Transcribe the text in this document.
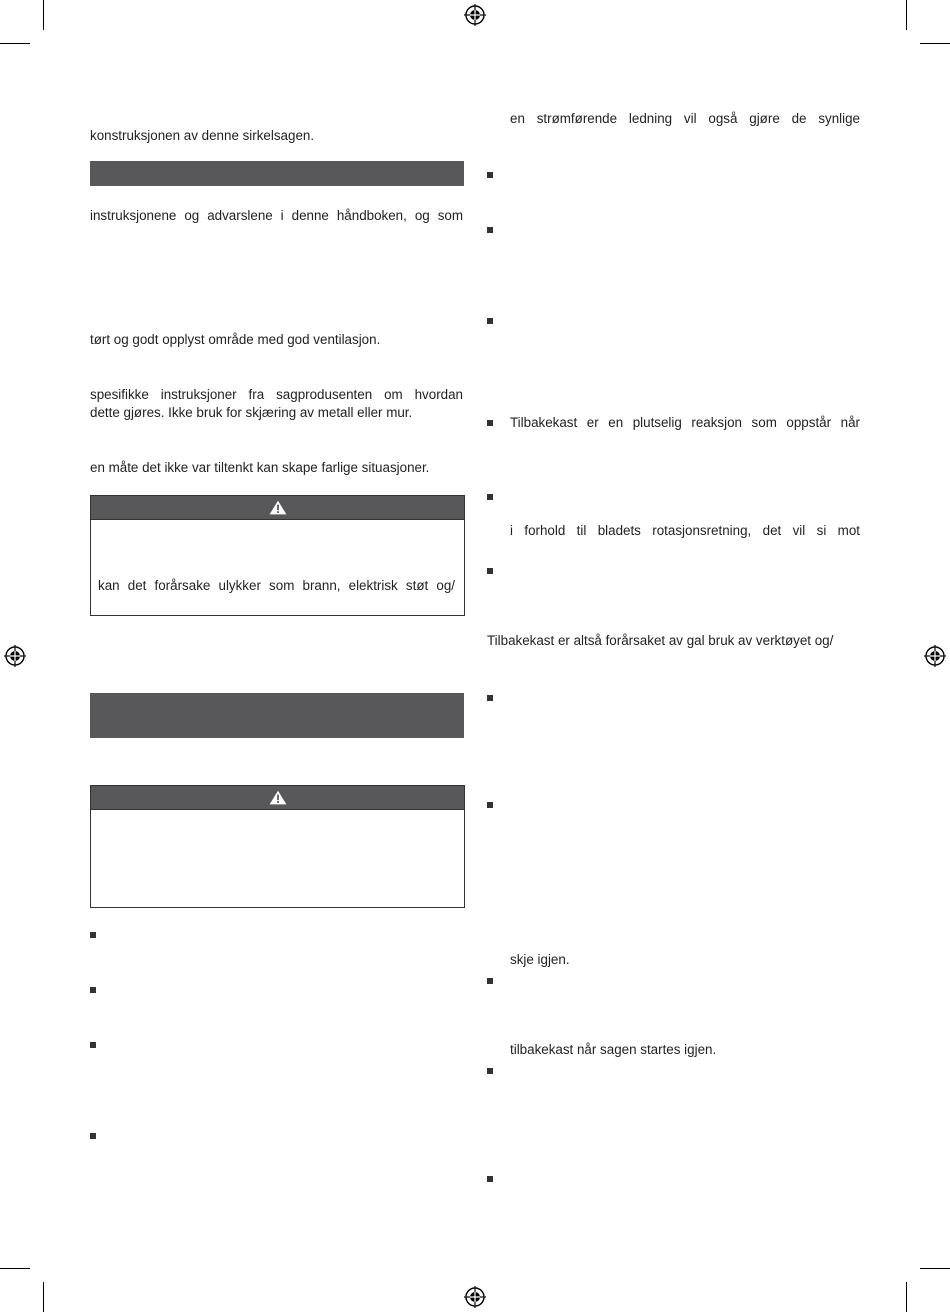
konstruksjonen av denne sirkelsagen.
instruksjonene og advarslene i denne håndboken, og som
tørt og godt opplyst område med god ventilasjon.
spesifikke instruksjoner fra sagprodusenten om hvordan
dette gjøres. Ikke bruk for skjæring av metall eller mur.
en måte det ikke var tiltenkt kan skape farlige situasjoner.
kan det forårsake ulykker som brann, elektrisk støt og/
en strømførende ledning vil også gjøre de synlige
Tilbakekast er en plutselig reaksjon som oppstår når
i forhold til bladets rotasjonsretning, det vil si mot
Tilbakekast er altså forårsaket av gal bruk av verktøyet og/
skje igjen.
tilbakekast når sagen startes igjen.
